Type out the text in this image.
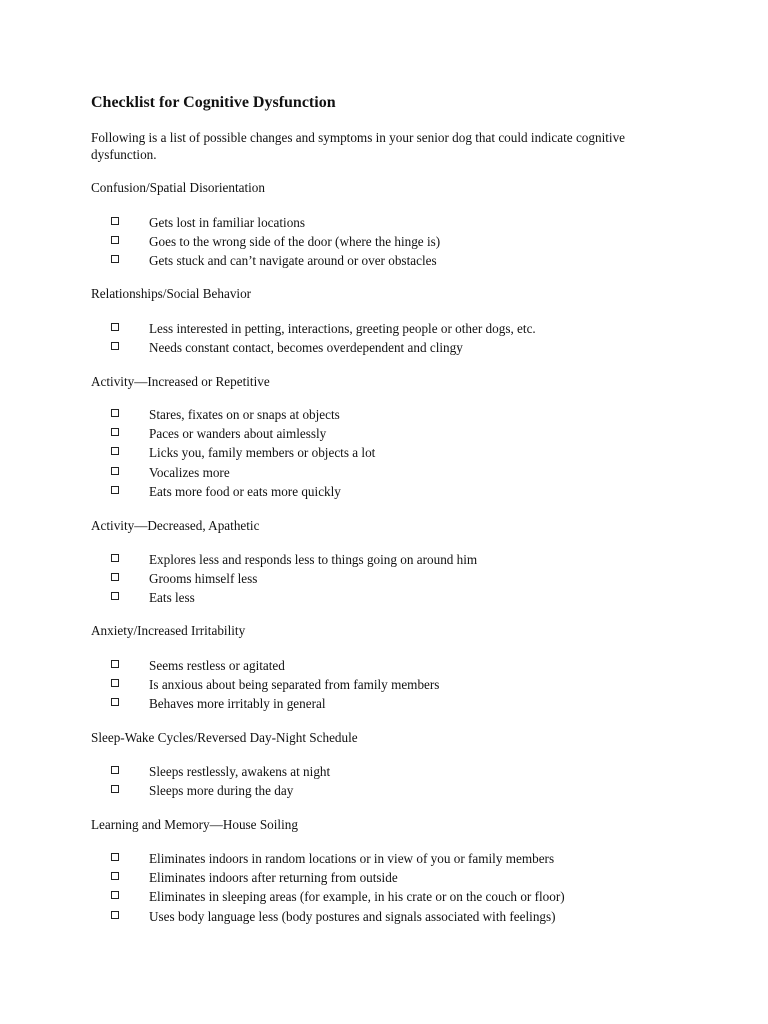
Checklist for Cognitive Dysfunction

Following is a list of possible changes and symptoms in your senior dog that could indicate cognitive dysfunction.

Confusion/Spatial Disorientation

Gets lost in familiar locations
Goes to the wrong side of the door (where the hinge is)
Gets stuck and can’t navigate around or over obstacles

Relationships/Social Behavior

Less interested in petting, interactions, greeting people or other dogs, etc.
Needs constant contact, becomes overdependent and clingy

Activity—Increased or Repetitive

Stares, fixates on or snaps at objects
Paces or wanders about aimlessly
Licks you, family members or objects a lot
Vocalizes more
Eats more food or eats more quickly

Activity—Decreased, Apathetic

Explores less and responds less to things going on around him
Grooms himself less
Eats less

Anxiety/Increased Irritability

Seems restless or agitated
Is anxious about being separated from family members
Behaves more irritably in general

Sleep-Wake Cycles/Reversed Day-Night Schedule

Sleeps restlessly, awakens at night
Sleeps more during the day

Learning and Memory—House Soiling

Eliminates indoors in random locations or in view of you or family members
Eliminates indoors after returning from outside
Eliminates in sleeping areas (for example, in his crate or on the couch or floor)
Uses body language less (body postures and signals associated with feelings)
